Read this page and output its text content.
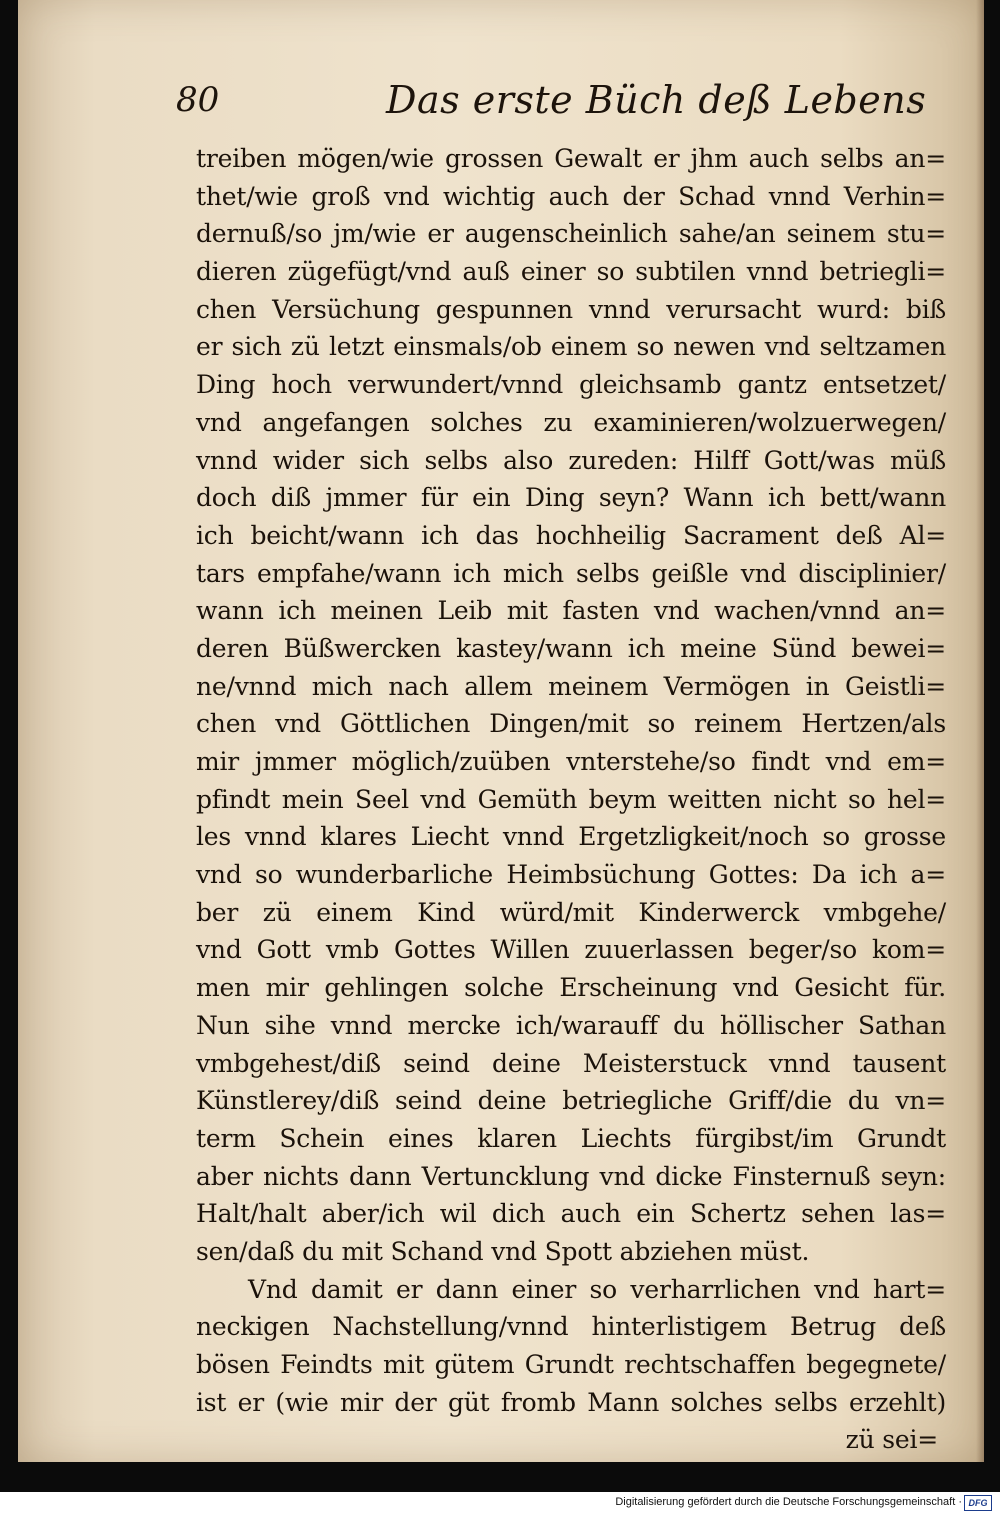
80	Das erste Büch deß Lebens
treiben mögen/wie grossen Gewalt er jhm auch selbs an=
thet/wie groß vnd wichtig auch der Schad vnnd Verhin=
dernuß/so jm/wie er augenscheinlich sahe/an seinem stu=
dieren zügefügt/vnd auß einer so subtilen vnnd betriegli=
chen Versüchung gespunnen vnnd verursacht wurd: biß
er sich zü letzt einsmals/ob einem so newen vnd seltzamen
Ding hoch verwundert/vnnd gleichsamb gantz entsetzet/
vnd angefangen solches zu examinieren/wolzuerwegen/
vnnd wider sich selbs also zureden: Hilff Gott/was müß
doch diß jmmer für ein Ding seyn? Wann ich bett/wann
ich beicht/wann ich das hochheilig Sacrament deß Al=
tars empfahe/wann ich mich selbs geißle vnd disciplinier/
wann ich meinen Leib mit fasten vnd wachen/vnnd an=
deren Büßwercken kastey/wann ich meine Sünd bewei=
ne/vnnd mich nach allem meinem Vermögen in Geistli=
chen vnd Göttlichen Dingen/mit so reinem Hertzen/als
mir jmmer möglich/zuüben vnterstehe/so findt vnd em=
pfindt mein Seel vnd Gemüth beym weitten nicht so hel=
les vnnd klares Liecht vnnd Ergetzligkeit/noch so grosse
vnd so wunderbarliche Heimbsüchung Gottes: Da ich a=
ber zü einem Kind würd/mit Kinderwerck vmbgehe/
vnd Gott vmb Gottes Willen zuuerlassen beger/so kom=
men mir gehlingen solche Erscheinung vnd Gesicht für.
Nun sihe vnnd mercke ich/warauff du höllischer Sathan
vmbgehest/diß seind deine Meisterstuck vnnd tausent
Künstlerey/diß seind deine betriegliche Griff/die du vn=
term Schein eines klaren Liechts fürgibst/im Grundt
aber nichts dann Vertuncklung vnd dicke Finsternuß seyn:
Halt/halt aber/ich wil dich auch ein Schertz sehen las=
sen/daß du mit Schand vnd Spott abziehen müst.
Vnd damit er dann einer so verharrlichen vnd hart=
neckigen Nachstellung/vnnd hinterlistigem Betrug deß
bösen Feindts mit gütem Grundt rechtschaffen begegnete/
ist er (wie mir der güt fromb Mann solches selbs erzehlt)
zü sei=
Digitalisierung gefördert durch die Deutsche Forschungsgemeinschaft · DFG
